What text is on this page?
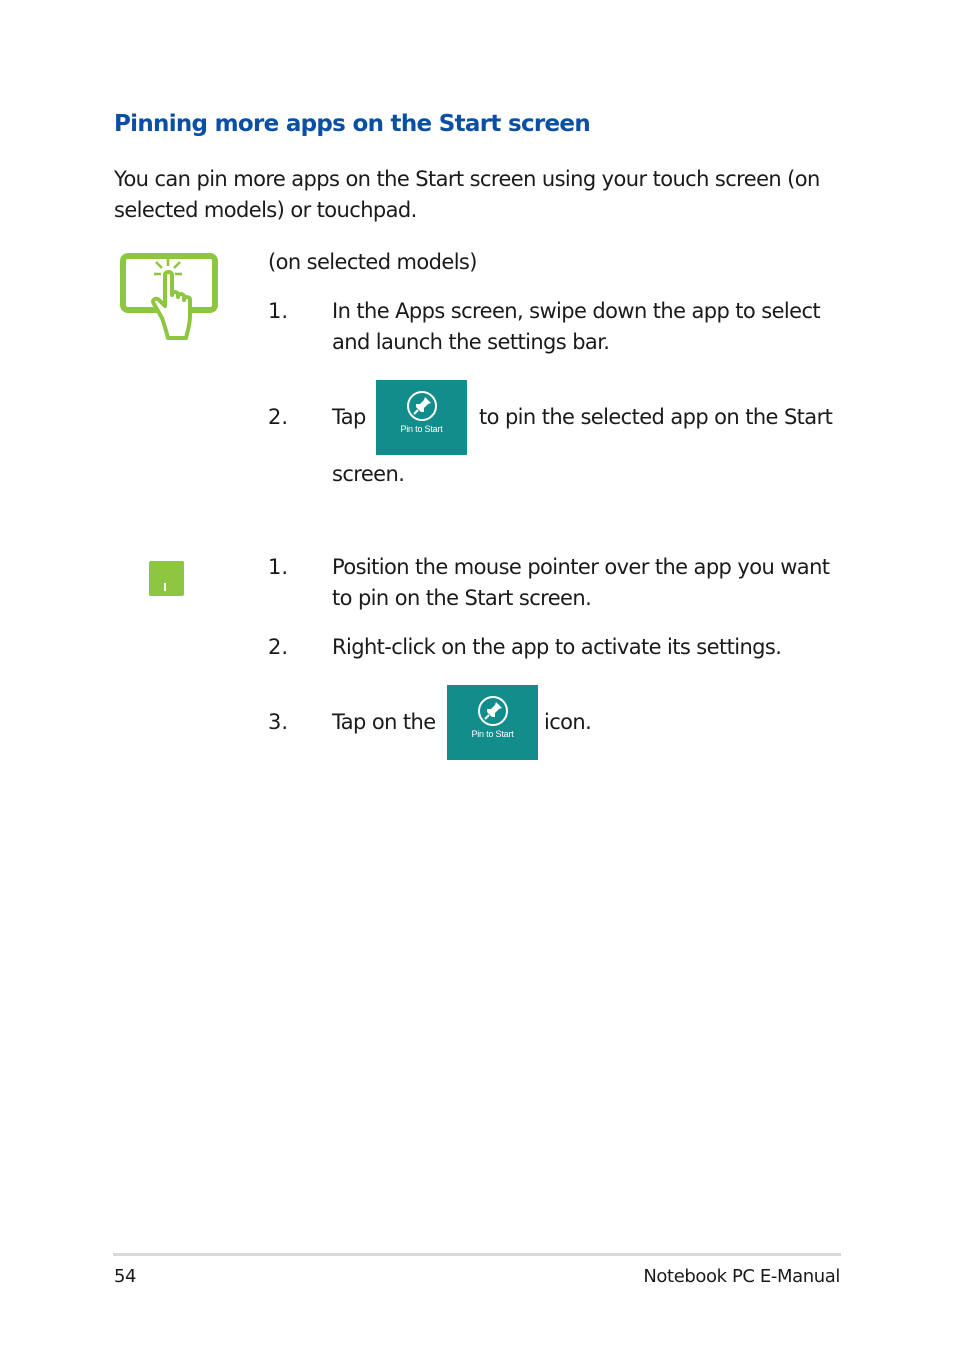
Pinning more apps on the Start screen
You can pin more apps on the Start screen using your touch screen (on selected models) or touchpad.
(on selected models)
1. In the Apps screen, swipe down the app to select
and launch the settings bar.
2. Tap	Pin to Start	to pin the selected app on the Start
screen.
1. Position the mouse pointer over the app you want
to pin on the Start screen.
2. Right-click on the app to activate its settings.
3. Tap on the	Pin to Start	icon.
54	Notebook PC E-Manual
